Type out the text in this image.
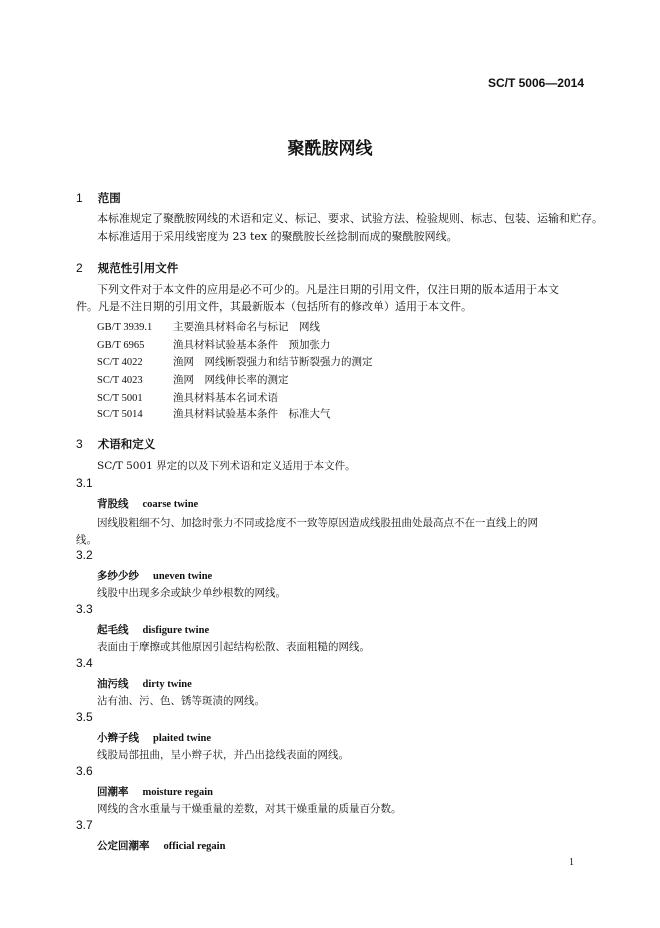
SC/T 5006—2014
聚酰胺网线
1 范围
本标准规定了聚酰胺网线的术语和定义、标记、要求、试验方法、检验规则、标志、包装、运输和贮存。
本标准适用于采用线密度为 23 tex 的聚酰胺长丝捻制而成的聚酰胺网线。
2 规范性引用文件
下列文件对于本文件的应用是必不可少的。凡是注日期的引用文件，仅注日期的版本适用于本文
件。凡是不注日期的引用文件，其最新版本（包括所有的修改单）适用于本文件。
GB/T 3939.1 主要渔具材料命名与标记　网线
GB/T 6965	渔具材料试验基本条件　预加张力
SC/T 4022	渔网　网线断裂强力和结节断裂强力的测定
SC/T 4023	渔网　网线伸长率的测定
SC/T 5001	渔具材料基本名词术语
SC/T 5014	渔具材料试验基本条件　标准大气
3 术语和定义
SC/T 5001 界定的以及下列术语和定义适用于本文件。
3.1
背股线 coarse twine
因线股粗细不匀、加捻时张力不同或捻度不一致等原因造成线股扭曲处最高点不在一直线上的网
线。
3.2
多纱少纱 uneven twine
线股中出现多余或缺少单纱根数的网线。
3.3
起毛线 disfigure twine
表面由于摩擦或其他原因引起结构松散、表面粗糙的网线。
3.4
油污线 dirty twine
沾有油、污、色、锈等斑渍的网线。
3.5
小辫子线 plaited twine
线股局部扭曲，呈小辫子状，并凸出捻线表面的网线。
3.6
回潮率 moisture regain
网线的含水重量与干燥重量的差数，对其干燥重量的质量百分数。
3.7
公定回潮率 official regain
1
